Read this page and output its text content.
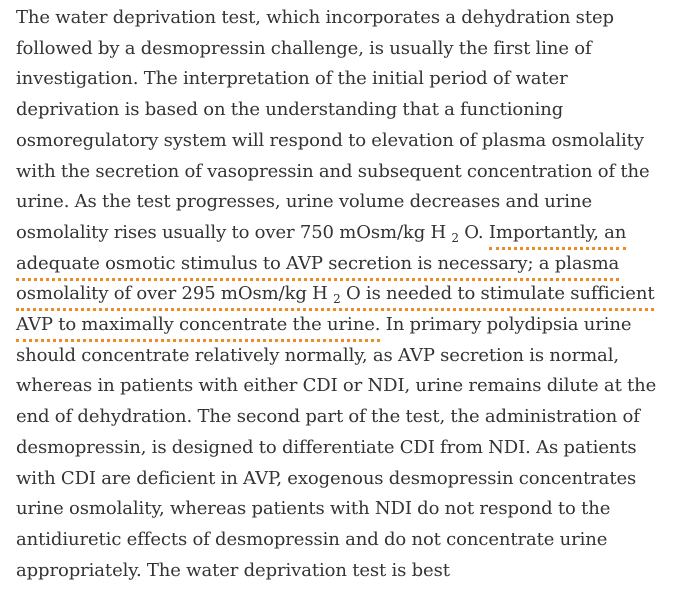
The water deprivation test, which incorporates a dehydration step followed by a desmopressin challenge, is usually the first line of investigation. The interpretation of the initial period of water deprivation is based on the understanding that a functioning osmoregulatory system will respond to elevation of plasma osmolality with the secretion of vasopressin and subsequent concentration of the urine. As the test progresses, urine volume decreases and urine osmolality rises usually to over 750 mOsm/kg H $_2$ O. Importantly, an adequate osmotic stimulus to AVP secretion is necessary; a plasma osmolality of over 295 mOsm/kg H $_2$ O is needed to stimulate sufficient AVP to maximally concentrate the urine. In primary polydipsia urine should concentrate relatively normally, as AVP secretion is normal, whereas in patients with either CDI or NDI, urine remains dilute at the end of dehydration. The second part of the test, the administration of desmopressin, is designed to differentiate CDI from NDI. As patients with CDI are deficient in AVP, exogenous desmopressin concentrates urine osmolality, whereas patients with NDI do not respond to the antidiuretic effects of desmopressin and do not concentrate urine appropriately. The water deprivation test is best
